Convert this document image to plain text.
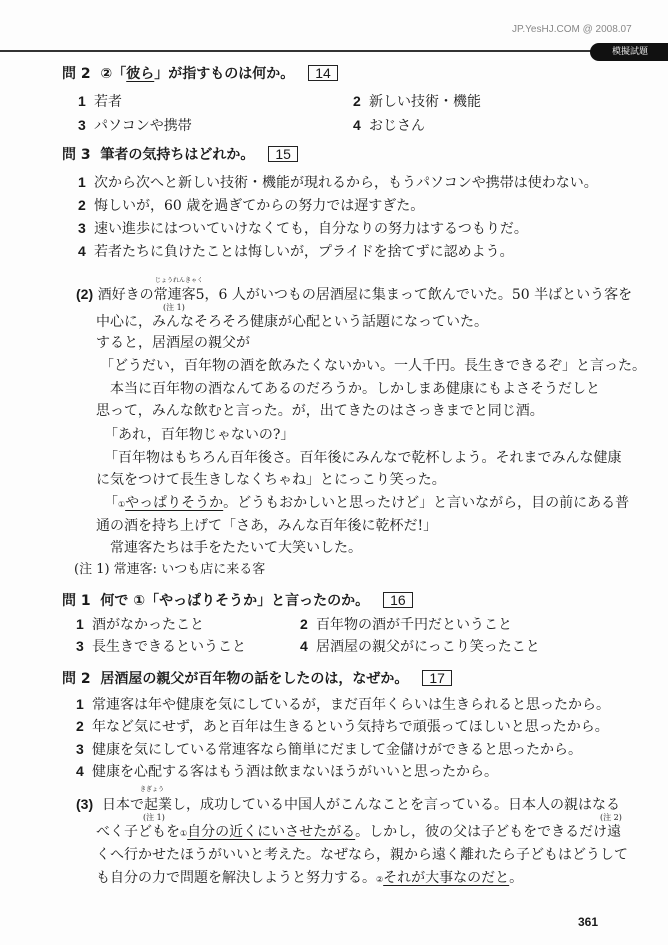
JP.YesHJ.COM @ 2008.07
模擬試題
問 2 ②「彼ら」が指すものは何か。 14
1 若者	2 新しい技術・機能
3 パソコンや携帯	4 おじさん
問 3 筆者の気持ちはどれか。 15
1 次から次へと新しい技術・機能が現れるから，もうパソコンや携帯は使わない。
2 悔しいが，60 歳を過ぎてからの努力では遅すぎた。
3 速い進歩にはついていけなくても，自分なりの努力はするつもりだ。
4 若者たちに負けたことは悔しいが，プライドを捨てずに認めよう。
じょうれんきゃく
(注 1)
(2) 酒好きの常連客5，6 人がいつもの居酒屋に集まって飲んでいた。50 半ばという客を
中心に，みんなそろそろ健康が心配という話題になっていた。
すると，居酒屋の親父が
「どうだい，百年物の酒を飲みたくないかい。一人千円。長生きできるぞ」と言った。
本当に百年物の酒なんてあるのだろうか。しかしまあ健康にもよさそうだしと
思って，みんな飲むと言った。が，出てきたのはさっきまでと同じ酒。
「あれ，百年物じゃないの?」
「百年物はもちろん百年後さ。百年後にみんなで乾杯しよう。それまでみんな健康
に気をつけて長生きしなくちゃね」とにっこり笑った。
「①やっぱりそうか。どうもおかしいと思ったけど」と言いながら，目の前にある普
通の酒を持ち上げて「さあ，みんな百年後に乾杯だ!」
常連客たちは手をたたいて大笑いした。
(注 1) 常連客: いつも店に来る客
問 1 何で ①「やっぱりそうか」と言ったのか。 16
1 酒がなかったこと	2 百年物の酒が千円だということ
3 長生きできるということ	4 居酒屋の親父がにっこり笑ったこと
問 2 居酒屋の親父が百年物の話をしたのは，なぜか。 17
1 常連客は年や健康を気にしているが，まだ百年くらいは生きられると思ったから。
2 年など気にせず，あと百年は生きるという気持ちで頑張ってほしいと思ったから。
3 健康を気にしている常連客なら簡単にだまして金儲けができると思ったから。
4 健康を心配する客はもう酒は飲まないほうがいいと思ったから。
きぎょう
(注 1)	(注 2)
(3) 日本で起業し，成功している中国人がこんなことを言っている。日本人の親はなる
べく子どもを①自分の近くにいさせたがる。しかし，彼の父は子どもをできるだけ遠
くへ行かせたほうがいいと考えた。なぜなら，親から遠く離れたら子どもはどうして
も自分の力で問題を解決しようと努力する。②それが大事なのだと。
361
